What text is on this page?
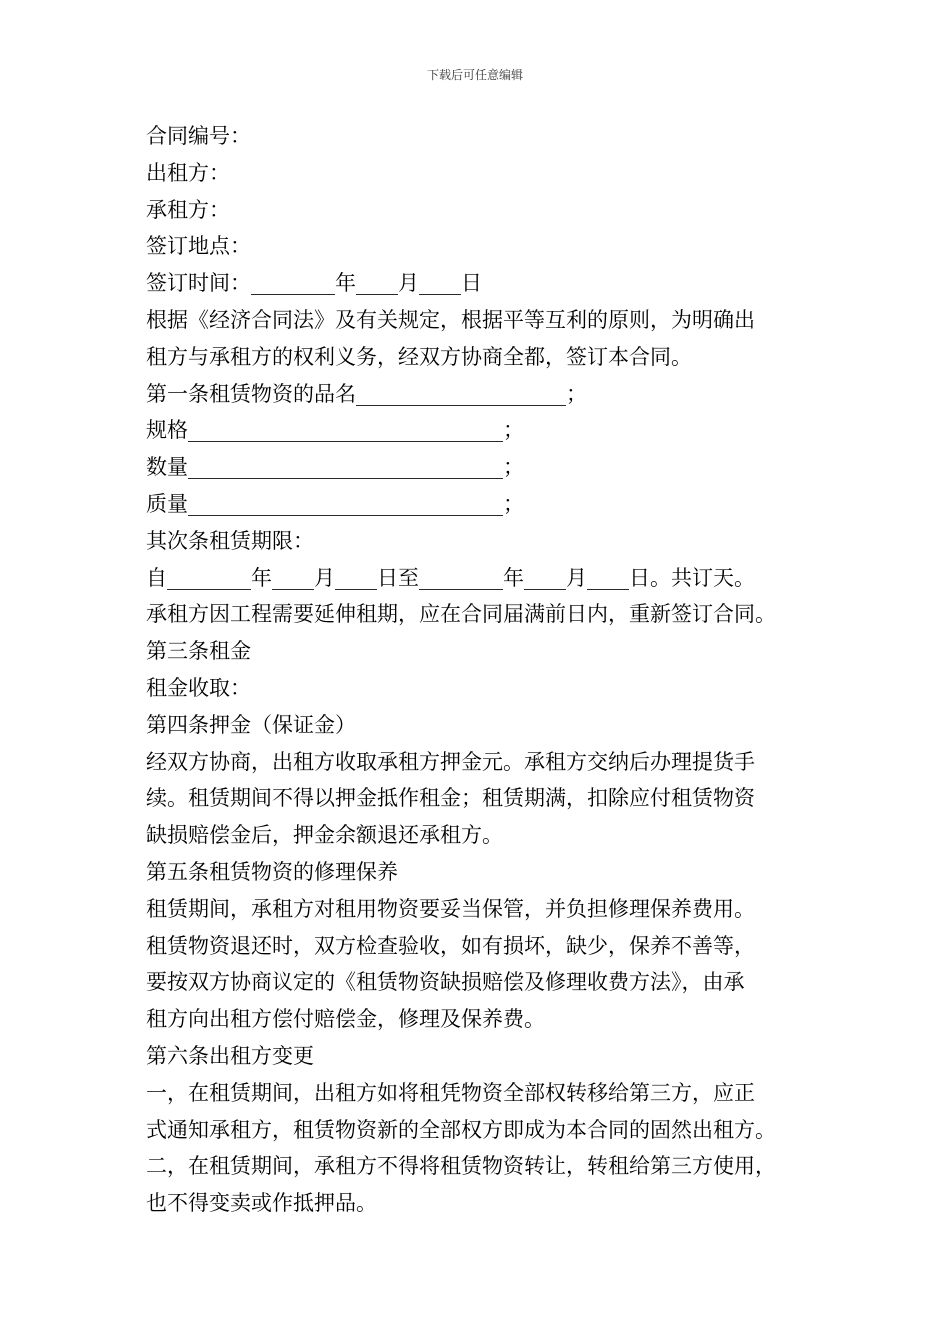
下载后可任意编辑

合同编号：

出租方：

承租方：

签订地点：

签订时间：________年____月____日

根据《经济合同法》及有关规定，根据平等互利的原则，为明确出

租方与承租方的权利义务，经双方协商全都，签订本合同。

第一条租赁物资的品名____________________；

规格______________________________；

数量______________________________；

质量______________________________；

其次条租赁期限：

自________年____月____日至________年____月____日。共订天。

承租方因工程需要延伸租期，应在合同届满前日内，重新签订合同。

第三条租金

租金收取：

第四条押金（保证金）

经双方协商，出租方收取承租方押金元。承租方交纳后办理提货手

续。租赁期间不得以押金抵作租金；租赁期满，扣除应付租赁物资

缺损赔偿金后，押金余额退还承租方。

第五条租赁物资的修理保养

租赁期间，承租方对租用物资要妥当保管，并负担修理保养费用。

租赁物资退还时，双方检查验收，如有损坏，缺少，保养不善等，

要按双方协商议定的《租赁物资缺损赔偿及修理收费方法》，由承

租方向出租方偿付赔偿金，修理及保养费。

第六条出租方变更

一，在租赁期间，出租方如将租凭物资全部权转移给第三方，应正

式通知承租方，租赁物资新的全部权方即成为本合同的固然出租方。

二，在租赁期间，承租方不得将租赁物资转让，转租给第三方使用，

也不得变卖或作抵押品。
